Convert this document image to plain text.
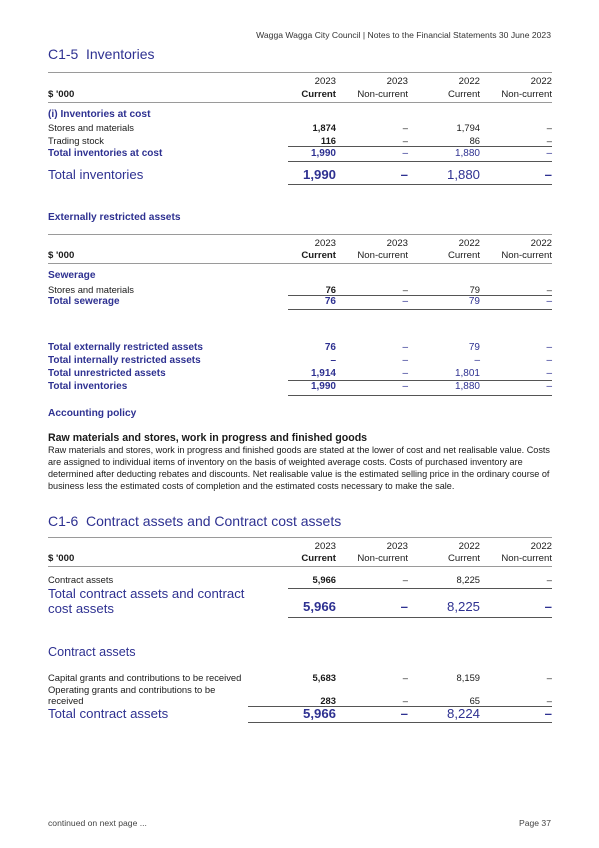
Wagga Wagga City Council | Notes to the Financial Statements 30 June 2023
C1-5 Inventories
2023	2023	2022	2022
$ '000	Current	Non-current	Current	Non-current
(i) Inventories at cost
Stores and materials	1,874	–	1,794	–
Trading stock	116	–	86	–
Total inventories at cost	1,990	–	1,880	–
Total inventories	1,990	–	1,880	–
Externally restricted assets
2023	2023	2022	2022
$ '000	Current	Non-current	Current	Non-current
Sewerage
Stores and materials	76	–	79	–
Total sewerage	76	–	79	–
Total externally restricted assets	76	–	79	–
Total internally restricted assets	–	–	–	–
Total unrestricted assets	1,914	–	1,801	–
Total inventories	1,990	–	1,880	–
Accounting policy
Raw materials and stores, work in progress and finished goods
Raw materials and stores, work in progress and finished goods are stated at the lower of cost and net realisable value. Costs are assigned to individual items of inventory on the basis of weighted average costs. Costs of purchased inventory are determined after deducting rebates and discounts. Net realisable value is the estimated selling price in the ordinary course of business less the estimated costs of completion and the estimated costs necessary to make the sale.
C1-6 Contract assets and Contract cost assets
2023	2023	2022	2022
$ '000	Current	Non-current	Current	Non-current
Contract assets	5,966	–	8,225	–
Total contract assets and contract
cost assets	5,966	–	8,225	–
Contract assets
Capital grants and contributions to be received	5,683	–	8,159	–
Operating grants and contributions to be
received	283	–	65	–
Total contract assets	5,966	–	8,224	–
continued on next page ...	Page 37
